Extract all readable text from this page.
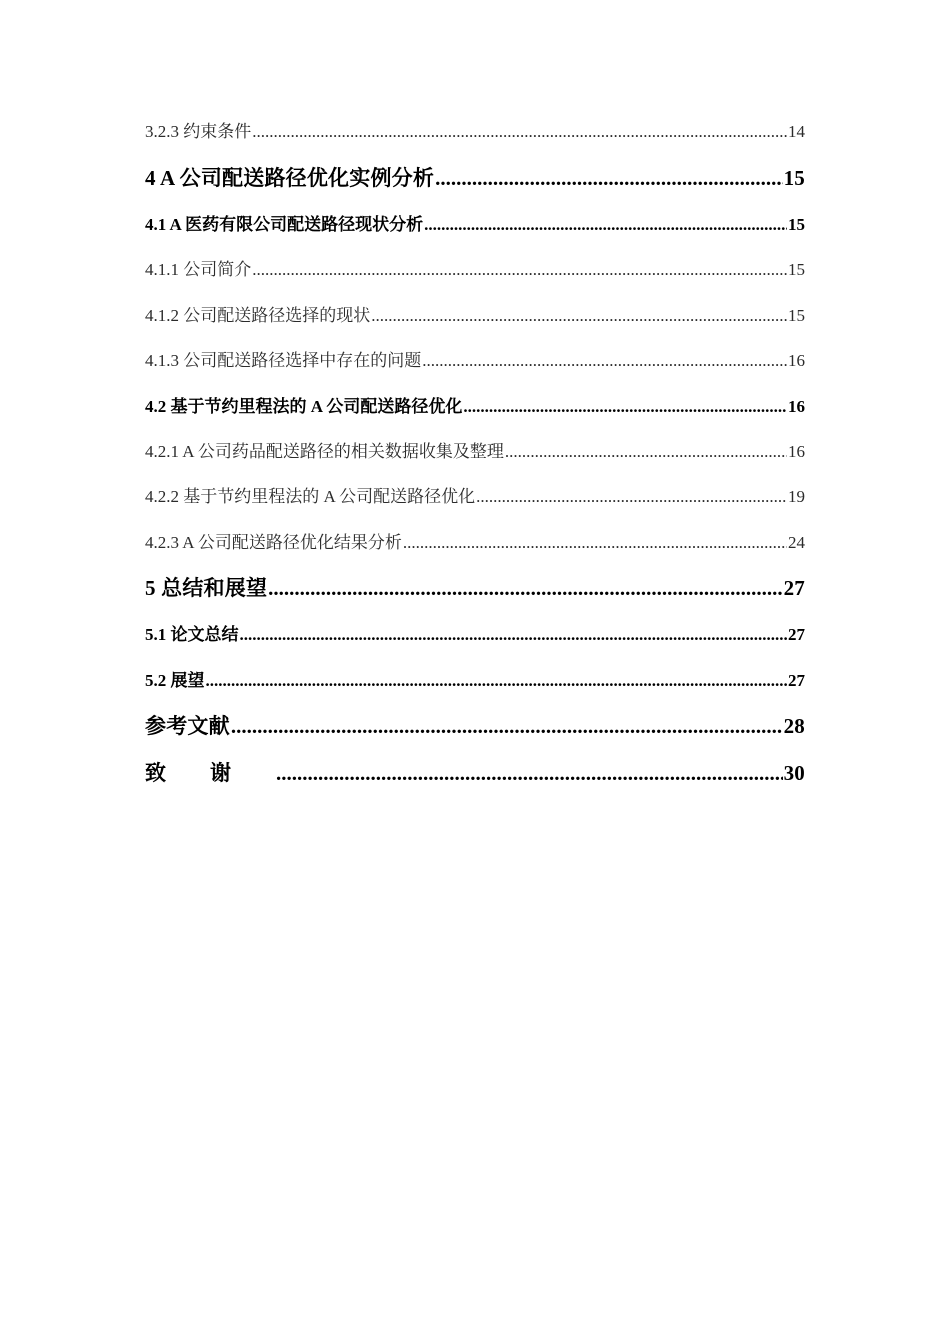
3.2.3 约束条件 .....	14
4 A 公司配送路径优化实例分析 .....	15
4.1 A 医药有限公司配送路径现状分析 .....	15
4.1.1 公司简介 .....	15
4.1.2 公司配送路径选择的现状 .....	15
4.1.3 公司配送路径选择中存在的问题 .....	16
4.2 基于节约里程法的 A 公司配送路径优化 .....	16
4.2.1 A 公司药品配送路径的相关数据收集及整理 .....	16
4.2.2 基于节约里程法的 A 公司配送路径优化 .....	19
4.2.3 A 公司配送路径优化结果分析 .....	24
5 总结和展望 .....	27
5.1 论文总结 .....	27
5.2 展望 .....	27
参考文献 .....	28
致谢 .....	30
